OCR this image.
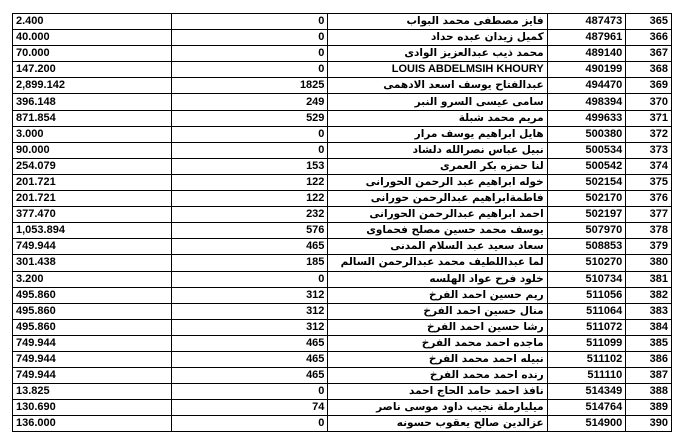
2.400	0	فايز مصطفى محمد البواب	487473	365
40.000	0	كميل زيدان عبده حداد	487961	366
70.000	0	محمد ذيب عبدالعزيز الوادى	489140	367
147.200	0	LOUIS ABDELMSIH KHOURY	490199	368
2,899.142	1825	عبدالفتاح يوسف اسعد الادهمى	494470	369
396.148	249	سامى عيسى السرو النبر	498394	370
871.854	529	مريم محمد شبلة	499633	371
3.000	0	هايل ابراهيم يوسف مرار	500380	372
90.000	0	نبيل عباس نصرالله دلشاد	500534	373
254.079	153	لنا حمزه بكر العمرى	500542	374
201.721	122	خوله ابراهيم عبد الرحمن الحورانى	502154	375
201.721	122	فاطمةابراهيم عبدالرحمن حورانى	502170	376
377.470	232	احمد ابراهيم عبدالرحمن الحورانى	502197	377
1,053.894	576	يوسف محمد حسين مصلح فحماوى	507970	378
749.944	465	سعاد سعيد عبد السلام المدنى	508853	379
301.438	185	لما عبداللطيف محمد عبدالرحمن السالم	510270	380
3.200	0	خلود فرح عواد الهلسه	510734	381
495.860	312	ريم حسين احمد الفرخ	511056	382
495.860	312	منال حسين احمد الفرخ	511064	383
495.860	312	رشا حسين احمد الفرخ	511072	384
749.944	465	ماجده احمد محمد الفرخ	511099	385
749.944	465	نبيله احمد محمد الفرخ	511102	386
749.944	465	رنده احمد محمد الفرخ	511110	387
13.825	0	نافذ احمد حامد الحاج احمد	514349	388
130.690	74	ميليارملة نجيب داود موسى ناصر	514764	389
136.000	0	عزالدين صالح يعقوب حسونه	514900	390
